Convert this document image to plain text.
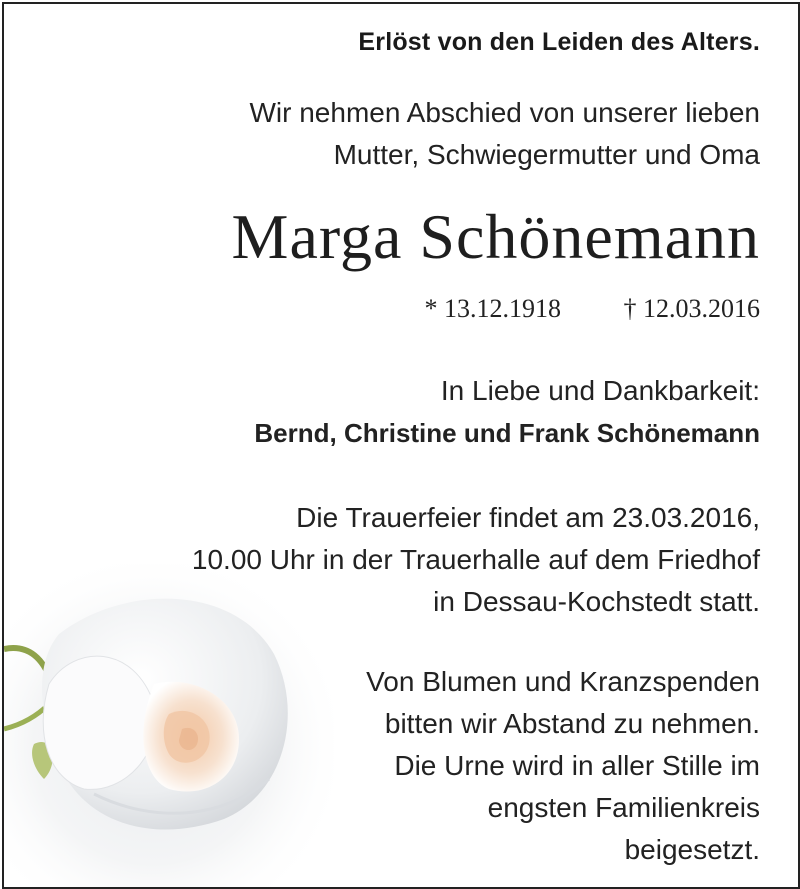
Erlöst von den Leiden des Alters.
Wir nehmen Abschied von unserer lieben
Mutter, Schwiegermutter und Oma
Marga Schönemann
* 13.12.1918 † 12.03.2016
In Liebe und Dankbarkeit:
Bernd, Christine und Frank Schönemann
Die Trauerfeier findet am 23.03.2016,
10.00 Uhr in der Trauerhalle auf dem Friedhof
in Dessau-Kochstedt statt.
Von Blumen und Kranzspenden
bitten wir Abstand zu nehmen.
Die Urne wird in aller Stille im
engsten Familienkreis
beigesetzt.
